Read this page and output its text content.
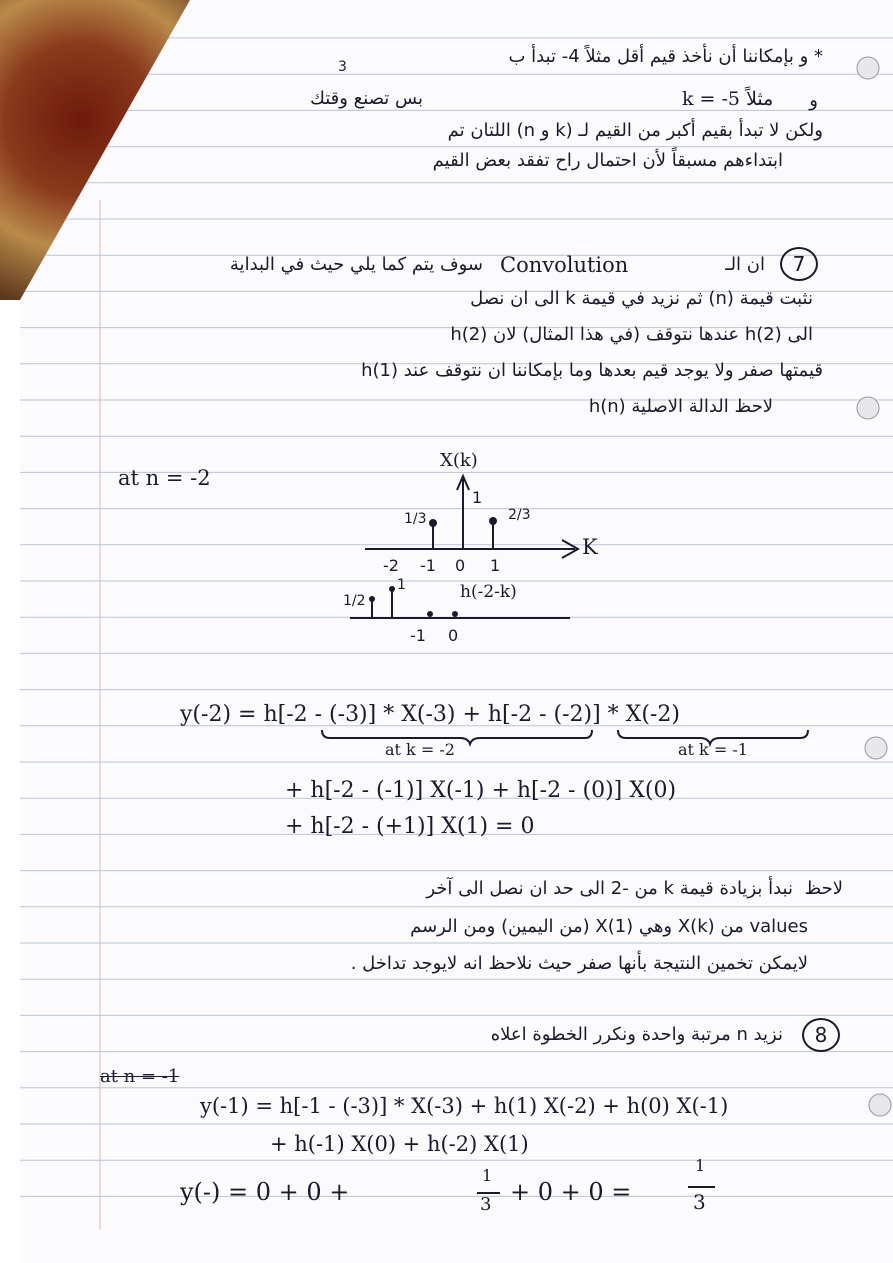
* و بإمكاننا أن نأخذ قيم أقل مثلاً 4- تبدأ ب
3
بس تصنع وقتك	k = -5 مثلاً و
ولكن لا تبدأ بقيم أكبر من القيم لـ (k و n) اللتان تم
ابتداءهم مسبقاً لأن احتمال راح تفقد بعض القيم
7
ان الـ
Convolution
سوف يتم كما يلي حيث في البداية
نثبت قيمة (n) ثم نزيد في قيمة k الى ان نصل
الى h(2) عندها نتوقف (في هذا المثال) لان h(2)
قيمتها صفر ولا يوجد قيم بعدها وما بإمكاننا ان نتوقف عند h(1)
لاحظ الدالة الاصلية h(n)
at n = -2
X(k)
1
1/3	2/3
K
-2 -1 0 1
h(-2-k)
1
1/2
-1 0
y(-2) = h[-2 - (-3)] * X(-3) + h[-2 - (-2)] * X(-2)
at k = -2	at k = -1
+ h[-2 - (-1)] X(-1) + h[-2 - (0)] X(0)
+ h[-2 - (+1)] X(1) = 0
لاحظ
نبدأ بزيادة قيمة k من -2 الى حد ان نصل الى آخر
values من X(k) وهي X(1) (من اليمين) ومن الرسم
لايمكن تخمين النتيجة بأنها صفر حيث نلاحظ انه لايوجد تداخل .
8
نزيد n مرتبة واحدة ونكرر الخطوة اعلاه
at n = -1
y(-1) = h[-1 - (-3)] * X(-3) + h(1) X(-2) + h(0) X(-1)
+ h(-1) X(0) + h(-2) X(1)
y(-) = 0 + 0 +
1
3 + 0 + 0 =
1
3
